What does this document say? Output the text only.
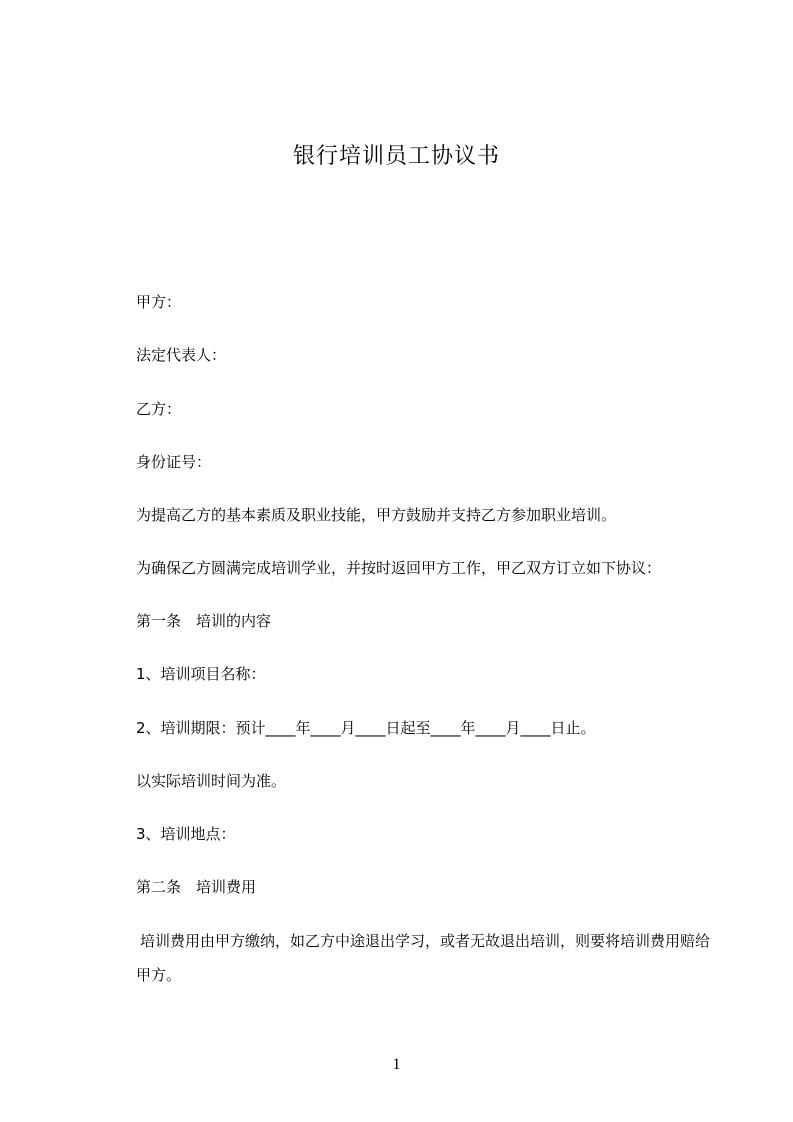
银行培训员工协议书
甲方：
法定代表人：
乙方：
身份证号：
为提高乙方的基本素质及职业技能，甲方鼓励并支持乙方参加职业培训。
为确保乙方圆满完成培训学业，并按时返回甲方工作，甲乙双方订立如下协议：
第一条　培训的内容
1、培训项目名称：
2、培训期限：预计____年____月____日起至____年____月____日止。
以实际培训时间为准。
3、培训地点：
第二条　培训费用
培训费用由甲方缴纳，如乙方中途退出学习，或者无故退出培训，则要将培训费用赔给甲方。
1
